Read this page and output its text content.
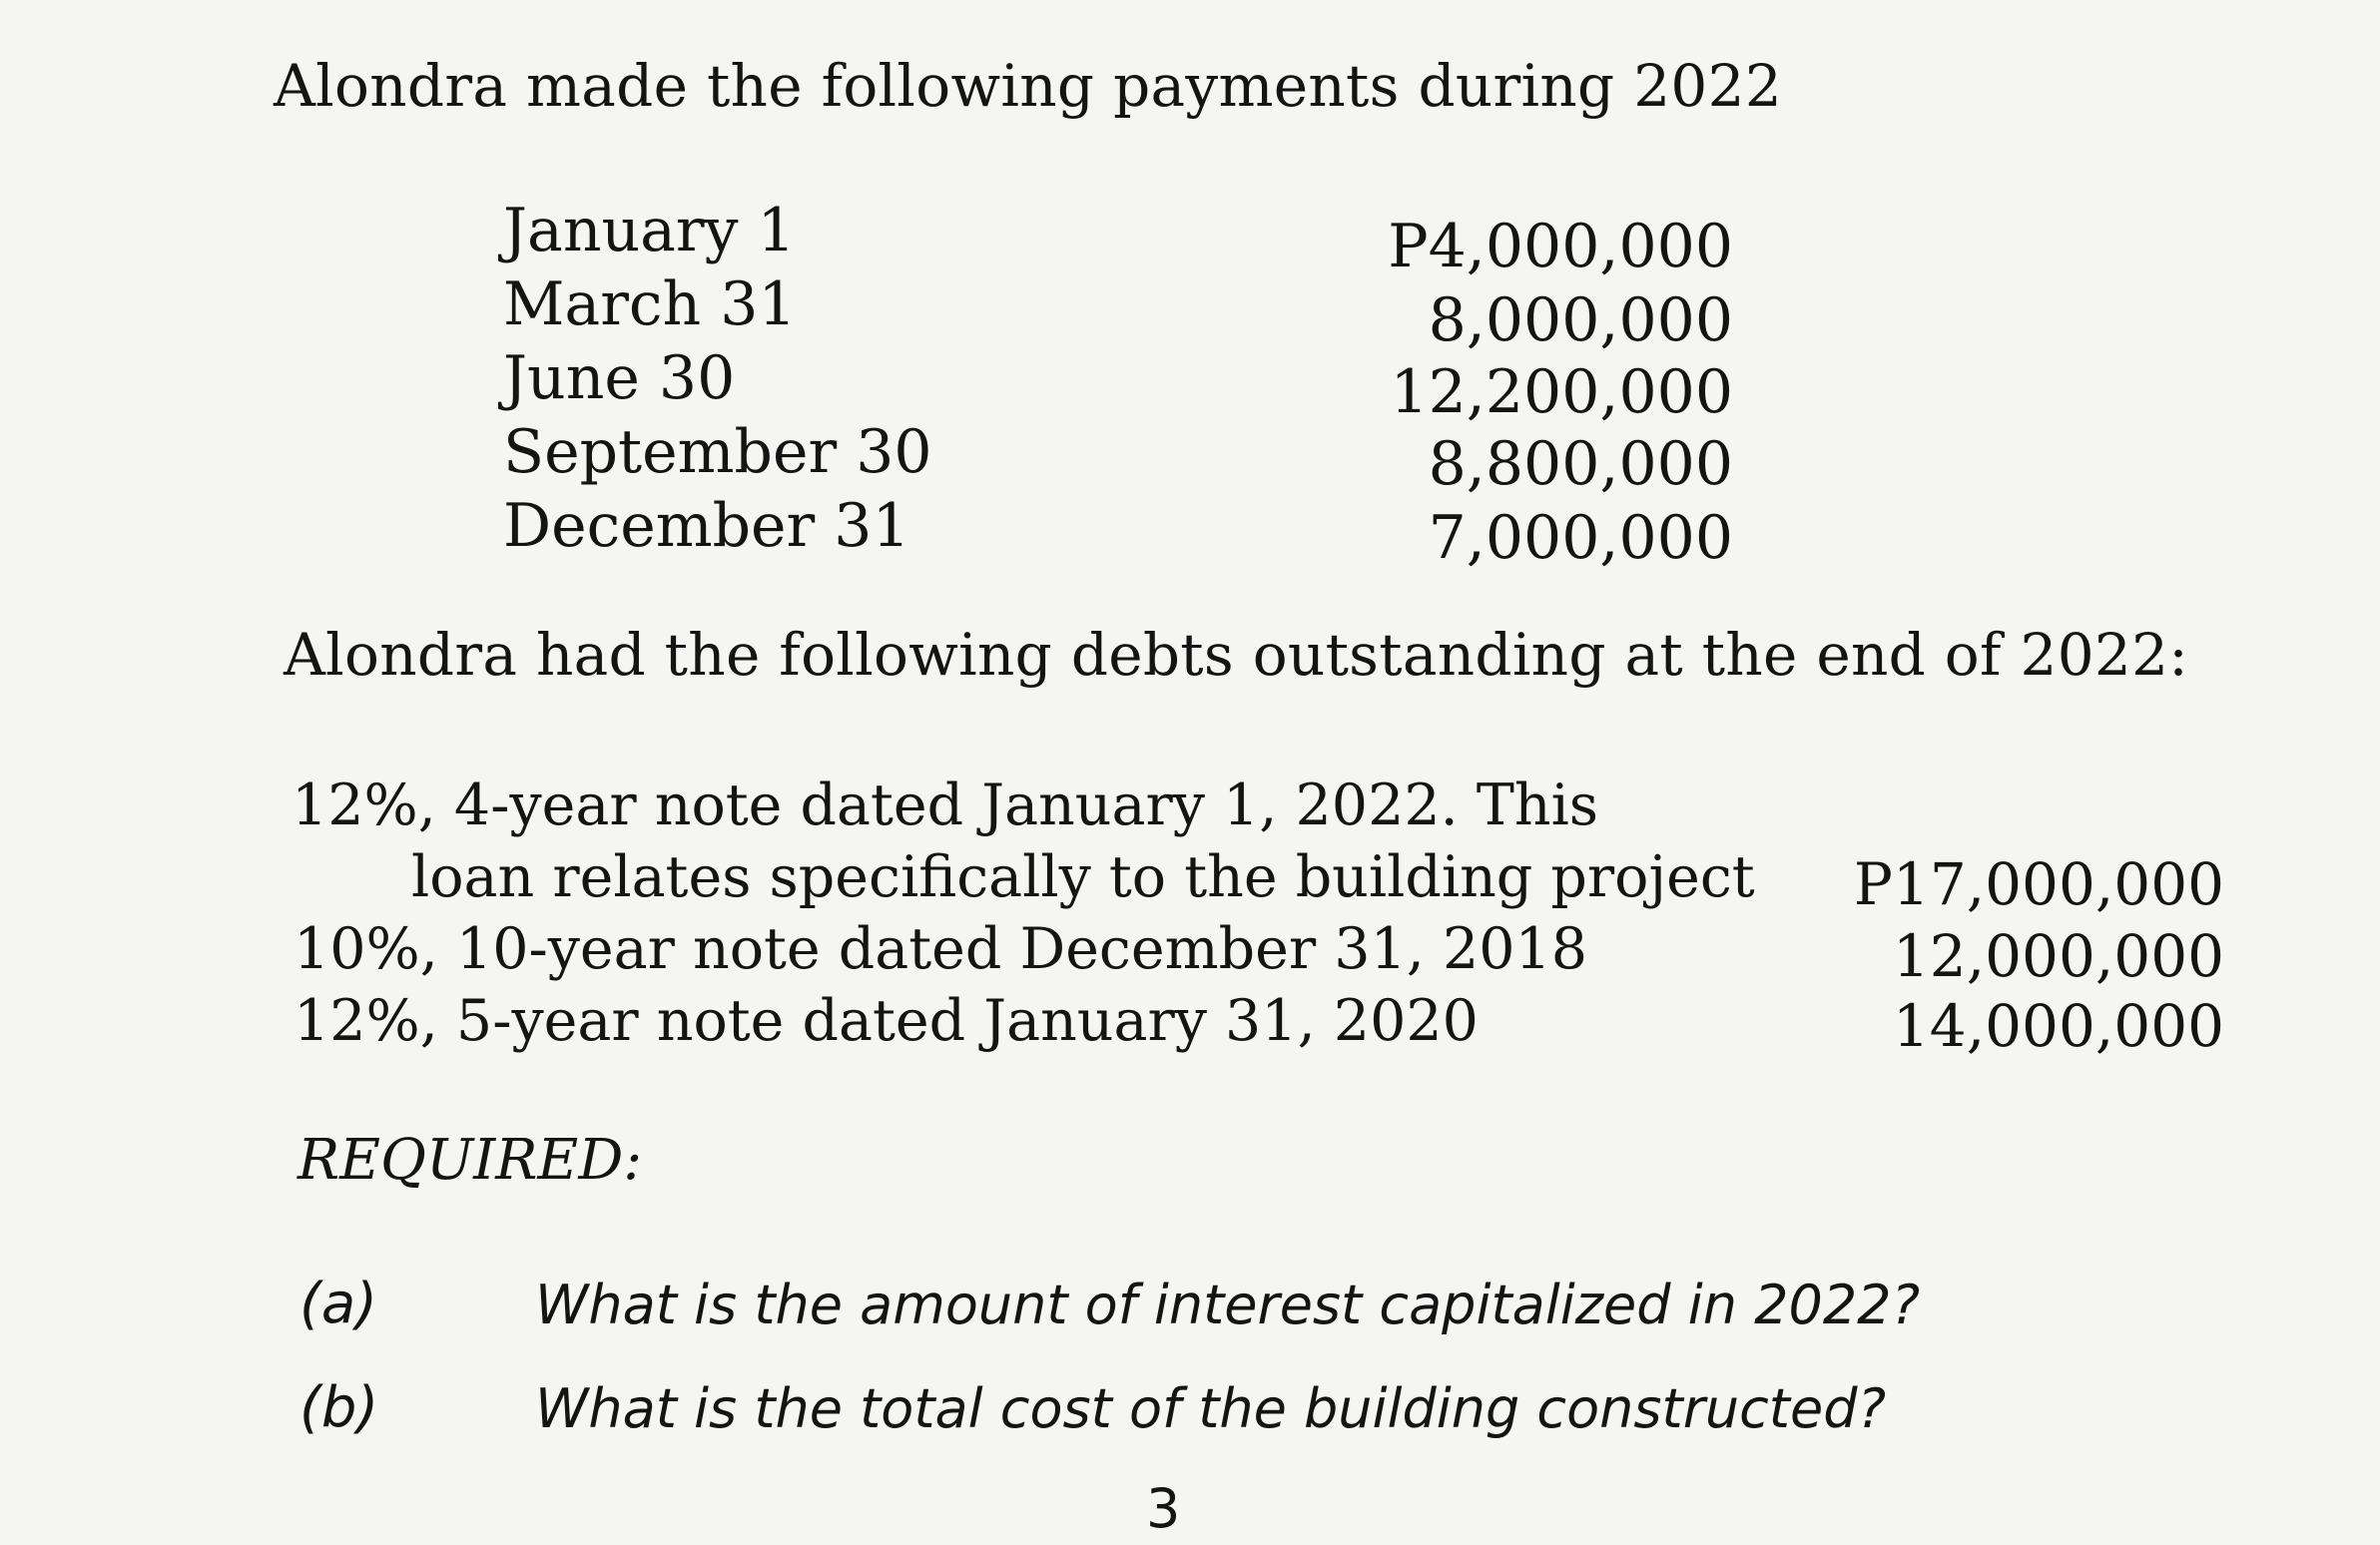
Alondra made the following payments during 2022
January 1	P4,000,000
March 31	8,000,000
June 30	12,200,000
September 30	8,800,000
December 31	7,000,000
Alondra had the following debts outstanding at the end of 2022:
12%, 4-year note dated January 1, 2022. This
loan relates specifically to the building project P17,000,000
10%, 10-year note dated December 31, 2018	12,000,000
12%, 5-year note dated January 31, 2020	14,000,000
REQUIRED:
(a)	What is the amount of interest capitalized in 2022?
(b)	What is the total cost of the building constructed?
3
